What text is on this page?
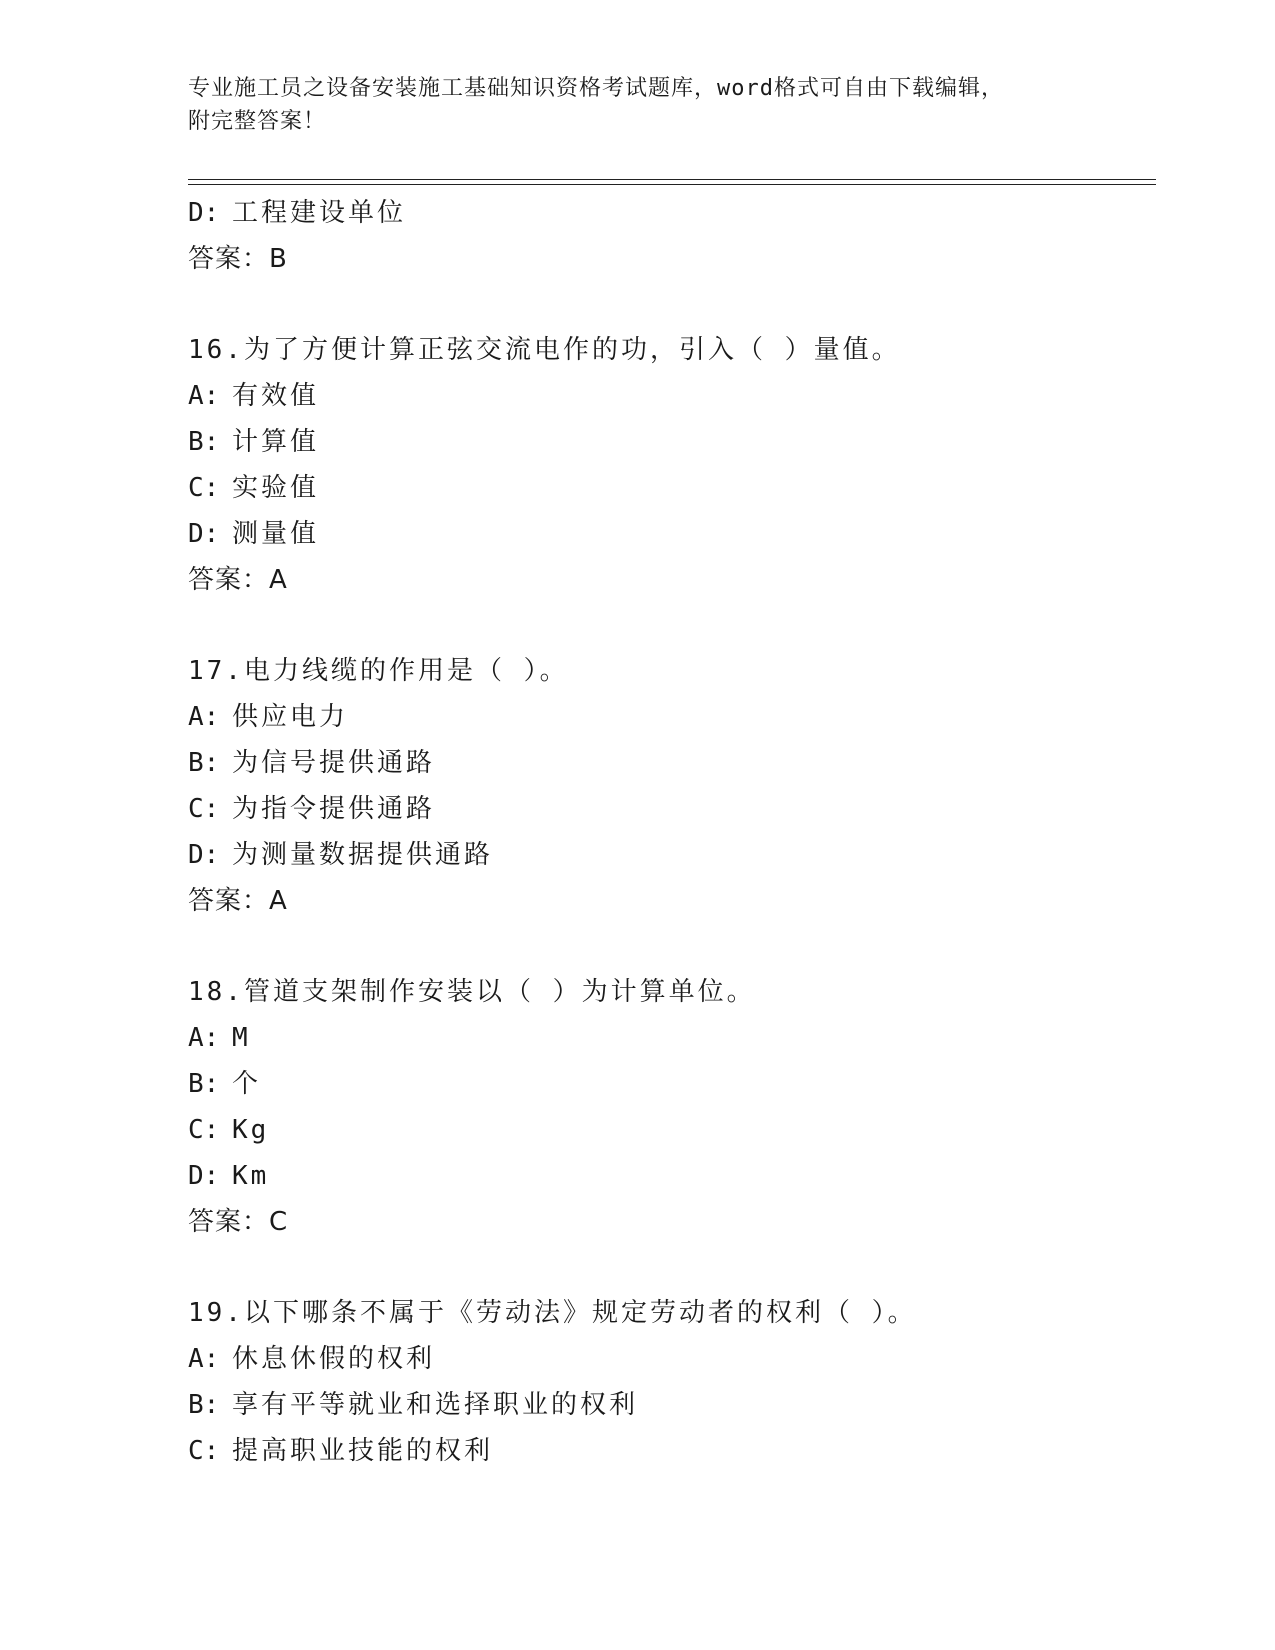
专业施工员之设备安装施工基础知识资格考试题库，word格式可自由下载编辑，
附完整答案！
D: 工程建设单位
答案：B
16.为了方便计算正弦交流电作的功，引入（ ）量值。
A: 有效值
B: 计算值
C: 实验值
D: 测量值
答案：A
17.电力线缆的作用是（ ）。
A: 供应电力
B: 为信号提供通路
C: 为指令提供通路
D: 为测量数据提供通路
答案：A
18.管道支架制作安装以（ ）为计算单位。
A: M
B: 个
C: Kg
D: Km
答案：C
19.以下哪条不属于《劳动法》规定劳动者的权利（ ）。
A: 休息休假的权利
B: 享有平等就业和选择职业的权利
C: 提高职业技能的权利
